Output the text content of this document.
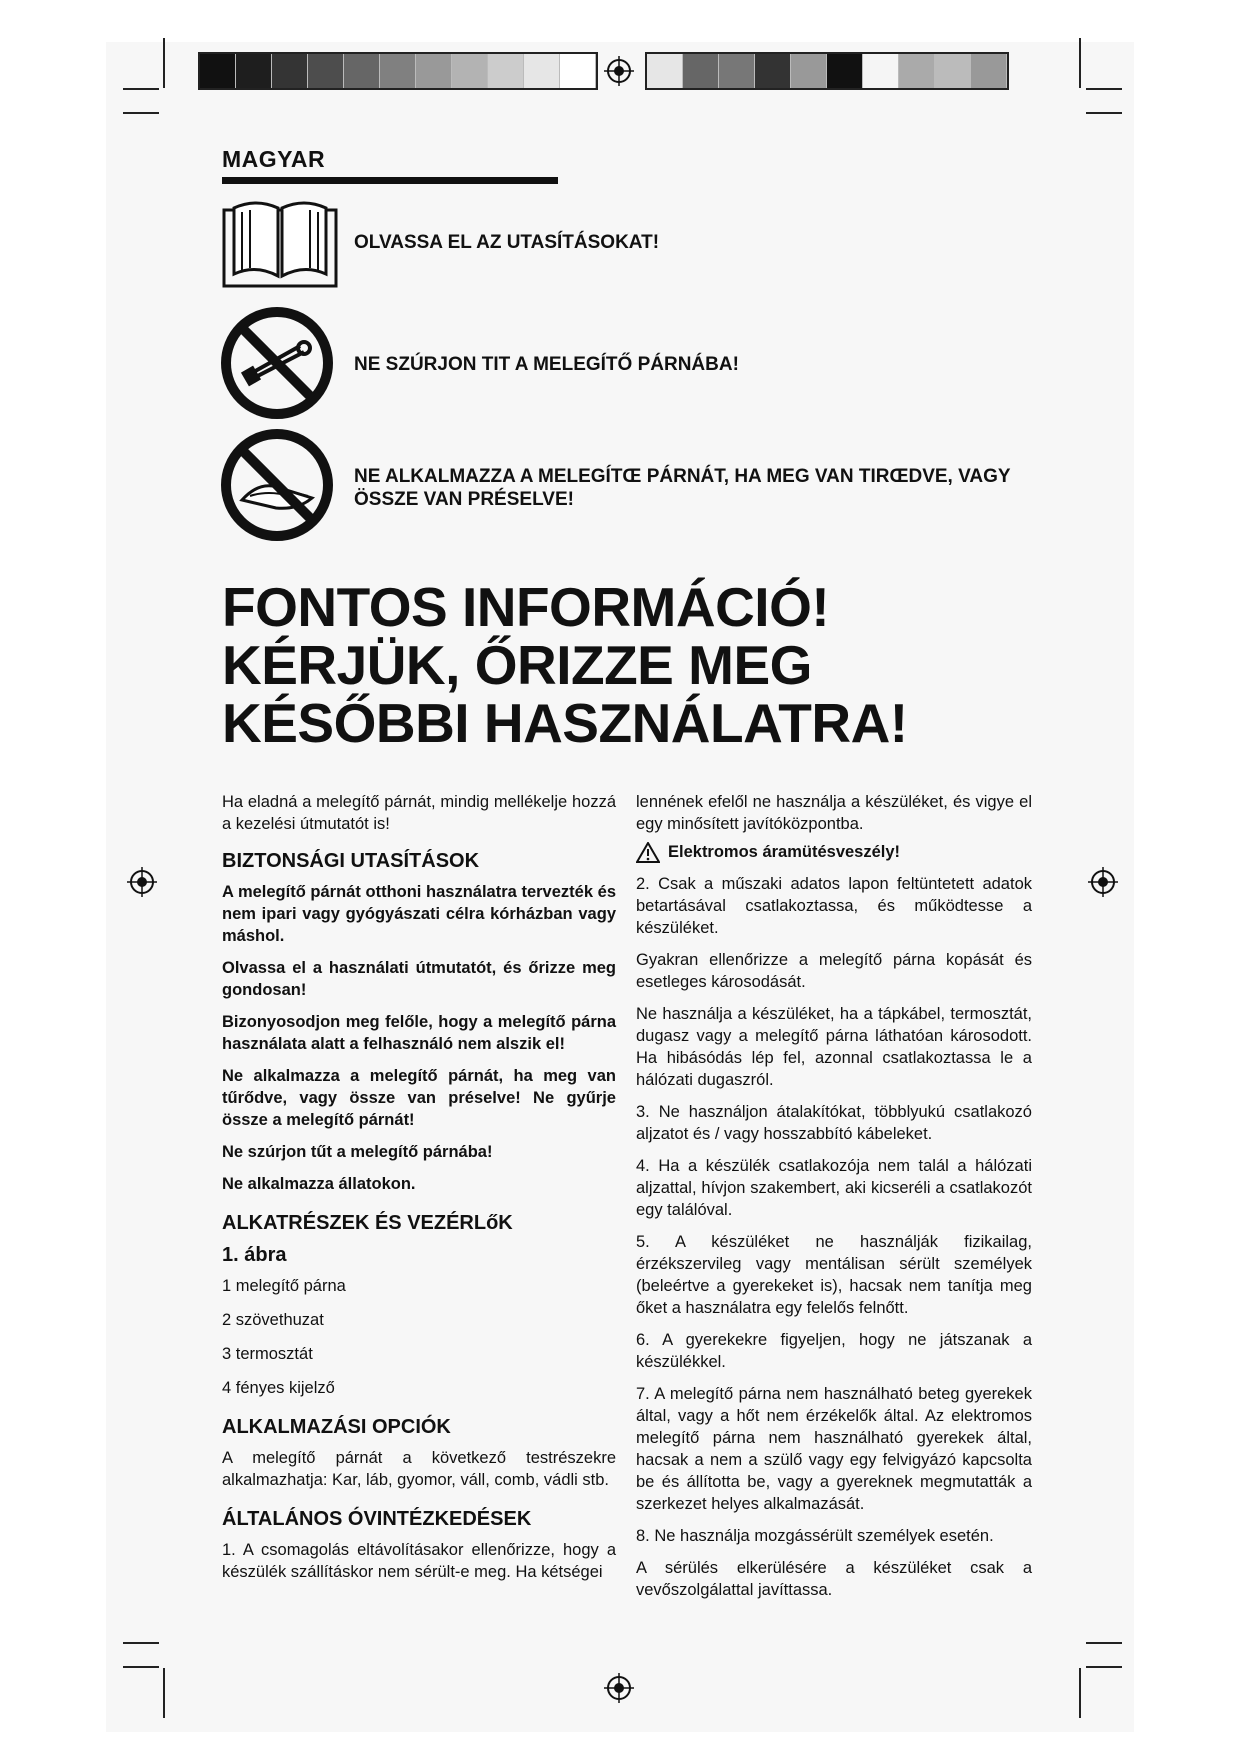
MAGYAR
OLVASSA EL AZ UTASÍTÁSOKAT!
NE SZÚRJON TIT A MELEGÍTŐ PÁRNÁBA!
NE ALKALMAZZA A MELEGÍTŒ PÁRNÁT, HA MEG VAN TIRŒDVE, VAGY ÖSSZE VAN PRÉSELVE!
FONTOS INFORMÁCIÓ!
KÉRJÜK, ŐRIZZE MEG
KÉSŐBBI HASZNÁLATRA!

Ha eladná a melegítő párnát, mindig mellékelje hozzá a kezelési útmutatót is!

BIZTONSÁGI UTASÍTÁSOK

A melegítő párnát otthoni használatra tervezték és nem ipari vagy gyógyászati célra kórházban vagy máshol.

Olvassa el a használati útmutatót, és őrizze meg gondosan!

Bizonyosodjon meg felőle, hogy a melegítő párna használata alatt a felhasználó nem alszik el!

Ne alkalmazza a melegítő párnát, ha meg van tűrődve, vagy össze van préselve! Ne gyűrje össze a melegítő párnát!

Ne szúrjon tűt a melegítő párnába!

Ne alkalmazza állatokon.

ALKATRÉSZEK ÉS VEZÉRLőK
1. ábra
1 melegítő párna
2 szövethuzat
3 termosztát
4 fényes kijelző
ALKALMAZÁSI OPCIÓK

A melegítő párnát a következő testrészekre alkalmazhatja: Kar, láb, gyomor, váll, comb, vádli stb.

ÁLTALÁNOS ÓVINTÉZKEDÉSEK

1. A csomagolás eltávolításakor ellenőrizze, hogy a készülék szállításkor nem sérült-e meg. Ha kétségei

lennének efelől ne használja a készüléket, és vigye el egy minősített javítóközpontba.

Elektromos áramütésveszély!

2. Csak a műszaki adatos lapon feltüntetett adatok betartásával csatlakoztassa, és működtesse a készüléket.

Gyakran ellenőrizze a melegítő párna kopását és esetleges károsodását.

Ne használja a készüléket, ha a tápkábel, termosztát, dugasz vagy a melegítő párna láthatóan károsodott. Ha hibásódás lép fel, azonnal csatlakoztassa le a hálózati dugaszról.

3. Ne használjon átalakítókat, többlyukú csatlakozó aljzatot és / vagy hosszabbító kábeleket.

4. Ha a készülék csatlakozója nem talál a hálózati aljzattal, hívjon szakembert, aki kicseréli a csatlakozót egy találóval.

5. A készüléket ne használják fizikailag, érzékszervileg vagy mentálisan sérült személyek (beleértve a gyerekeket is), hacsak nem tanítja meg őket a használatra egy felelős felnőtt.

6. A gyerekekre figyeljen, hogy ne játszanak a készülékkel.

7. A melegítő párna nem használható beteg gyerekek által, vagy a hőt nem érzékelők által. Az elektromos melegítő párna nem használható gyerekek által, hacsak a nem a szülő vagy egy felvigyázó kapcsolta be és állította be, vagy a gyereknek megmutatták a szerkezet helyes alkalmazását.

8. Ne használja mozgássérült személyek esetén.

A sérülés elkerülésére a készüléket csak a vevőszolgálattal javíttassa.
